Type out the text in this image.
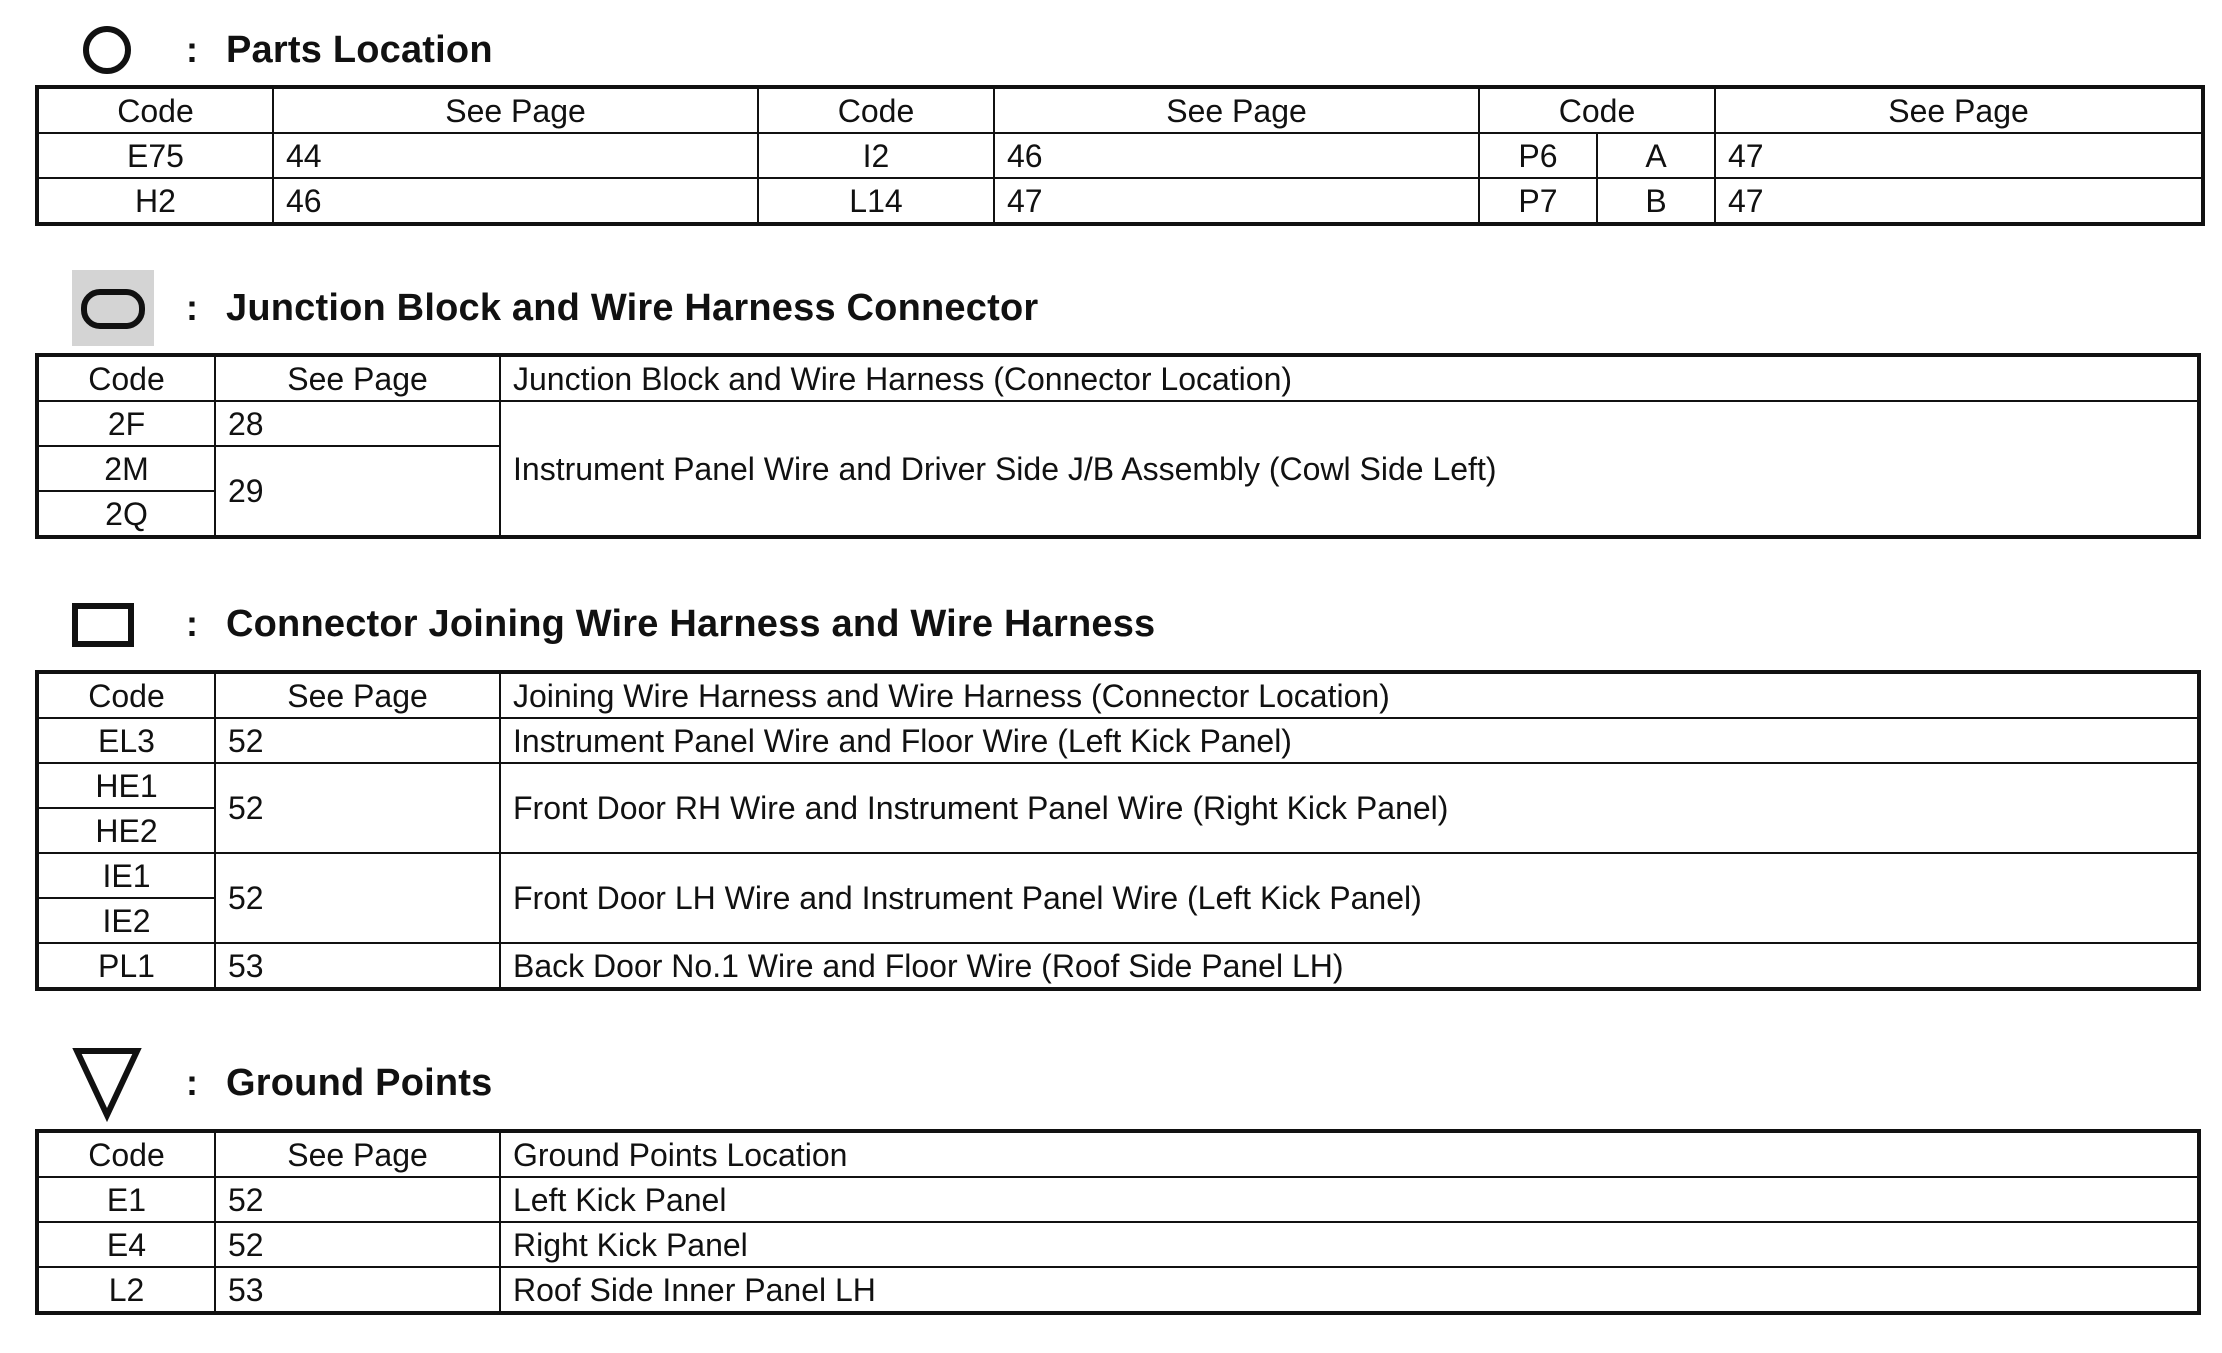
: Parts Location
Code	See Page	Code	See Page	Code		See Page
E75	44	I2	46	P6	A	47
H2	46	L14	47	P7	B	47
: Junction Block and Wire Harness Connector
Code	See Page	Junction Block and Wire Harness (Connector Location)
2F	28	Instrument Panel Wire and Driver Side J/B Assembly (Cowl Side Left)
2M	29	
2Q		
: Connector Joining Wire Harness and Wire Harness
Code	See Page	Joining Wire Harness and Wire Harness (Connector Location)
EL3	52	Instrument Panel Wire and Floor Wire (Left Kick Panel)
HE1	52	Front Door RH Wire and Instrument Panel Wire (Right Kick Panel)
HE2		
IE1	52	Front Door LH Wire and Instrument Panel Wire (Left Kick Panel)
IE2		
PL1	53	Back Door No.1 Wire and Floor Wire (Roof Side Panel LH)
: Ground Points
Code	See Page	Ground Points Location
E1	52	Left Kick Panel
E4	52	Right Kick Panel
L2	53	Roof Side Inner Panel LH
